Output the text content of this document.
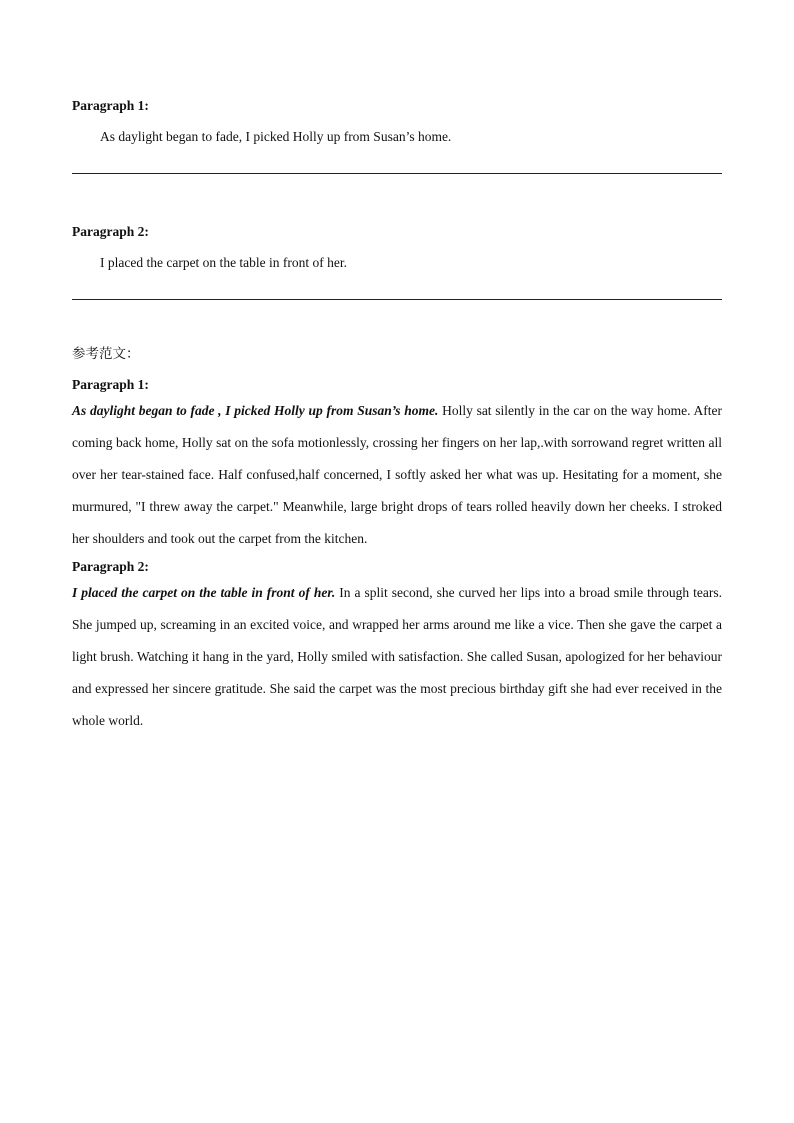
Paragraph 1:

As daylight began to fade, I picked Holly up from Susan’s home.

Paragraph 2:

I placed the carpet on the table in front of her.

参考范文：

Paragraph 1:

As daylight began to fade , I picked Holly up from Susan’s home. Holly sat silently in the car on the way home. After coming back home, Holly sat on the sofa motionlessly, crossing her fingers on her lap,.with sorrowand regret written all over her tear-stained face. Half confused,half concerned, I softly asked her what was up. Hesitating for a moment, she murmured, "I threw away the carpet." Meanwhile, large bright drops of tears rolled heavily down her cheeks. I stroked her shoulders and took out the carpet from the kitchen.

Paragraph 2:

I placed the carpet on the table in front of her. In a split second, she curved her lips into a broad smile through tears. She jumped up, screaming in an excited voice, and wrapped her arms around me like a vice. Then she gave the carpet a light brush. Watching it hang in the yard, Holly smiled with satisfaction. She called Susan, apologized for her behaviour and expressed her sincere gratitude. She said the carpet was the most precious birthday gift she had ever received in the whole world.
